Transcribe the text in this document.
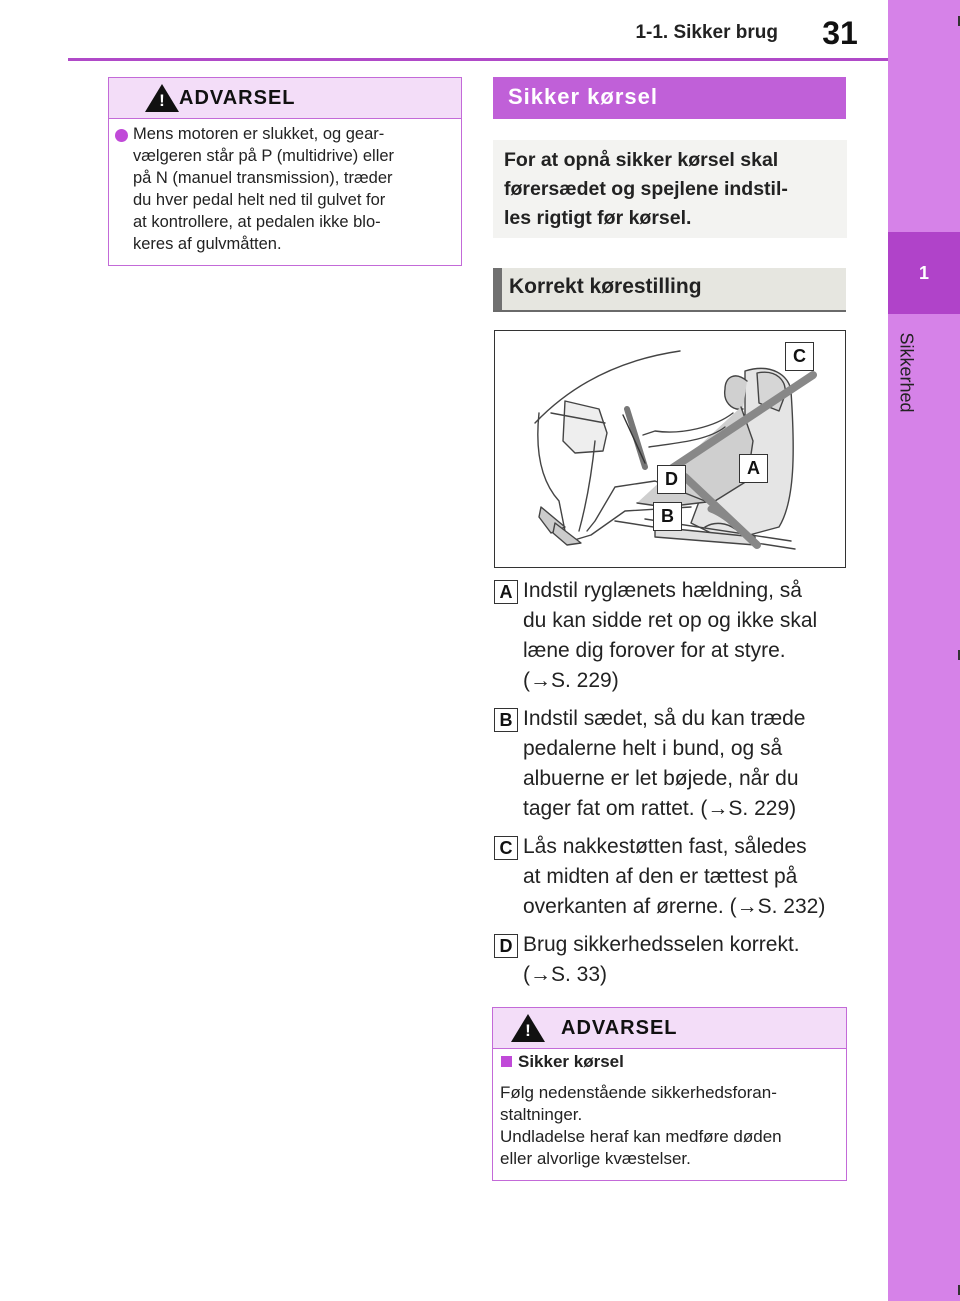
1-1. Sikker brug	31
1
Sikkerhed
! ADVARSEL
Mens motoren er slukket, og gear-
vælgeren står på P (multidrive) eller
på N (manuel transmission), træder
du hver pedal helt ned til gulvet for
at kontrollere, at pedalen ikke blo-
keres af gulvmåtten.
Sikker kørsel

For at opnå sikker kørsel skal
førersædet og spejlene indstil-
les rigtigt før kørsel.

Korrekt kørestilling
C
A
D
B
A Indstil ryglænets hældning, så
du kan sidde ret op og ikke skal
læne dig forover for at styre.
(→S. 229)
B Indstil sædet, så du kan træde
pedalerne helt i bund, og så
albuerne er let bøjede, når du
tager fat om rattet. (→S. 229)
C Lås nakkestøtten fast, således
at midten af den er tættest på
overkanten af ørerne. (→S. 232)
D Brug sikkerhedsselen korrekt.
(→S. 33)
!	ADVARSEL
Sikker kørsel
Følg nedenstående sikkerhedsforan-
staltninger.
Undladelse heraf kan medføre døden
eller alvorlige kvæstelser.
